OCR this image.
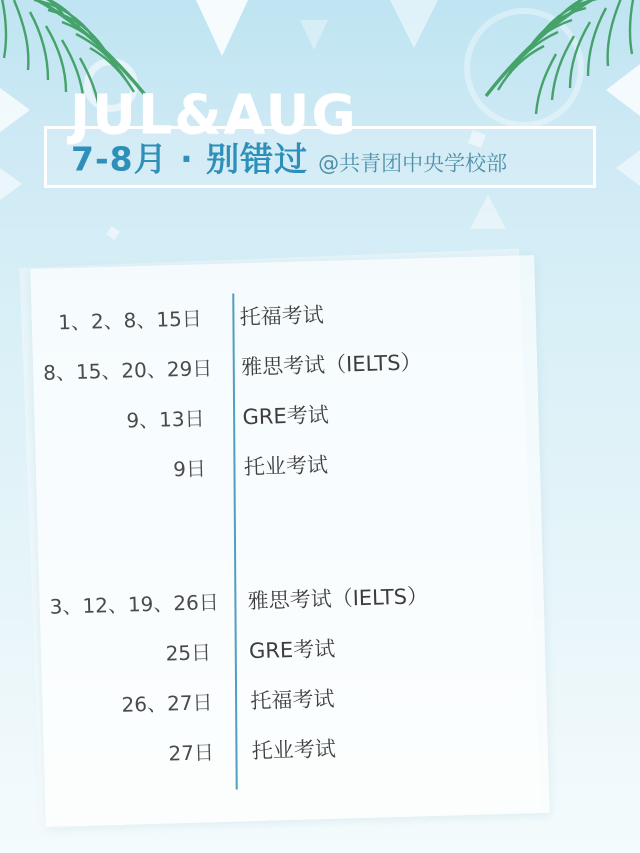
JUL&AUG
7-8月 · 别错过 @共青团中央学校部
1、2、8、15日	托福考试
8、15、20、29日	雅思考试（IELTS）
9、13日	GRE考试
9日	托业考试
3、12、19、26日	雅思考试（IELTS）
25日	GRE考试
26、27日	托福考试
27日	托业考试
